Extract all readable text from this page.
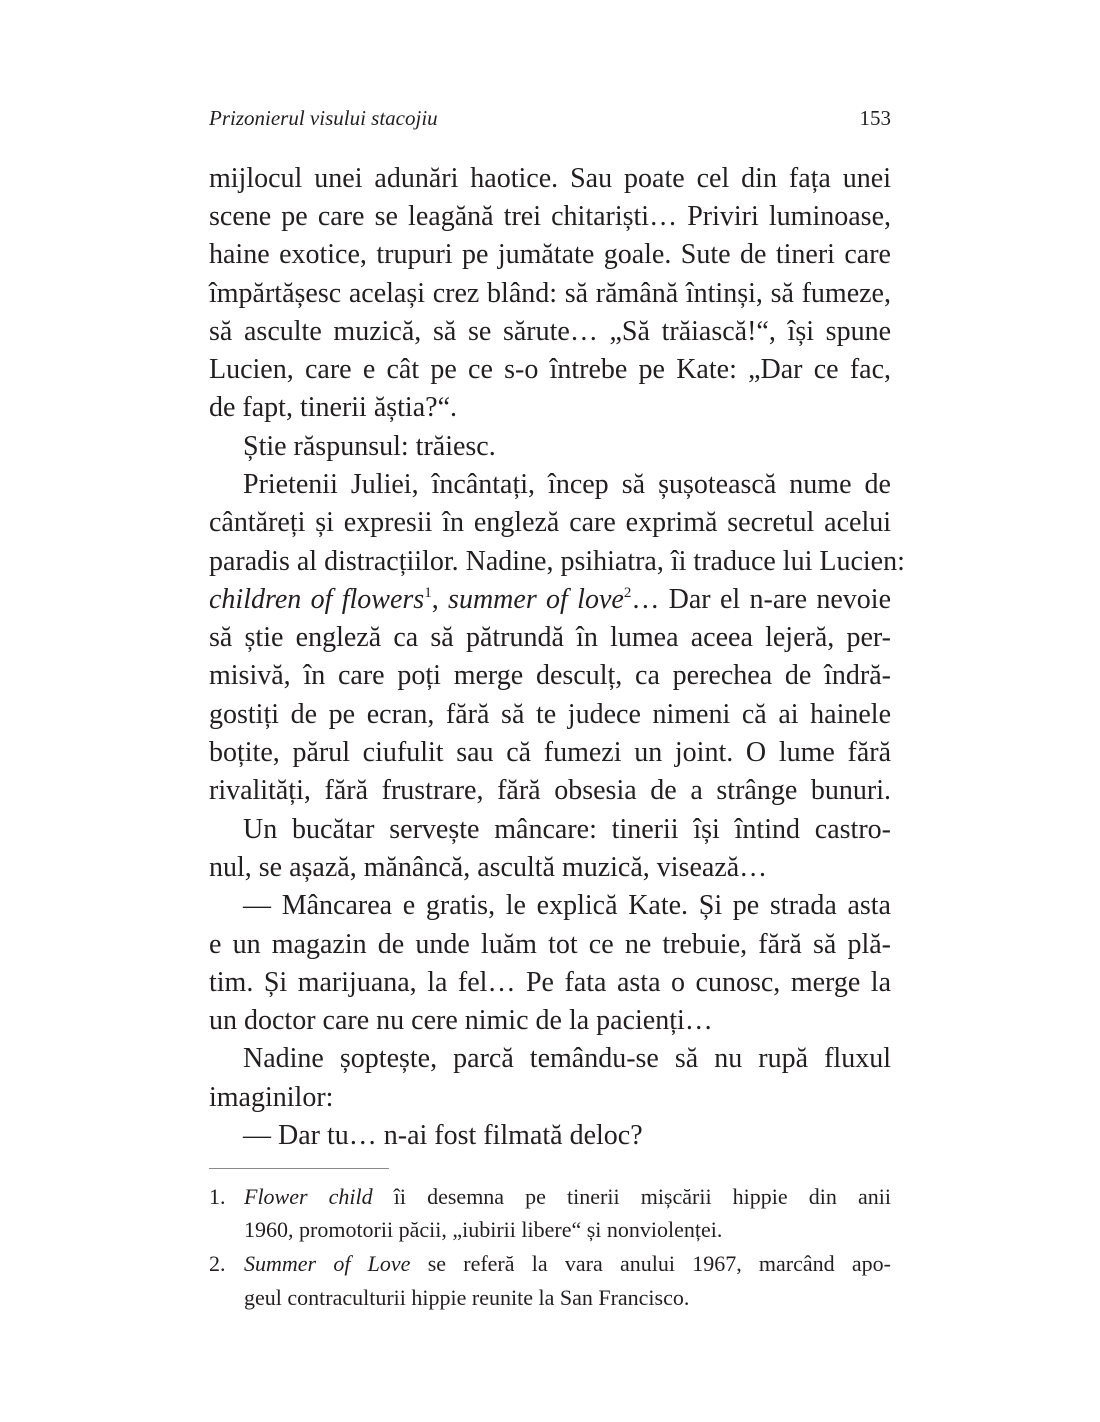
Prizonierul visului stacojiu	153
mijlocul unei adunări haotice. Sau poate cel din fața unei
scene pe care se leagănă trei chitariști… Priviri luminoase,
haine exotice, trupuri pe jumătate goale. Sute de tineri care
împărtășesc același crez blând: să rămână întinși, să fumeze,
să asculte muzică, să se sărute… „Să trăiască!“, își spune
Lucien, care e cât pe ce s-o întrebe pe Kate: „Dar ce fac,
de fapt, tinerii ăștia?“.
Știe răspunsul: trăiesc.
Prietenii Juliei, încântați, încep să șușotească nume de
cântăreți și expresii în engleză care exprimă secretul acelui
paradis al distracțiilor. Nadine, psihiatra, îi traduce lui Lucien:
children of flowers$^1$, summer of love$^2$… Dar el n-are nevoie
să știe engleză ca să pătrundă în lumea aceea lejeră, per-
misivă, în care poți merge desculț, ca perechea de îndră-
gostiți de pe ecran, fără să te judece nimeni că ai hainele
boțite, părul ciufulit sau că fumezi un joint. O lume fără
rivalități, fără frustrare, fără obsesia de a strânge bunuri.
Un bucătar servește mâncare: tinerii își întind castro-
nul, se așază, mănâncă, ascultă muzică, visează…
— Mâncarea e gratis, le explică Kate. Și pe strada asta
e un magazin de unde luăm tot ce ne trebuie, fără să plă-
tim. Și marijuana, la fel… Pe fata asta o cunosc, merge la
un doctor care nu cere nimic de la pacienți…
Nadine șoptește, parcă temându-se să nu rupă fluxul
imaginilor:
— Dar tu… n-ai fost filmată deloc?
1. Flower child îi desemna pe tinerii mișcării hippie din anii
1960, promotorii păcii, „iubirii libere“ și nonviolenței.
2. Summer of Love se referă la vara anului 1967, marcând apo-
geul contraculturii hippie reunite la San Francisco.
